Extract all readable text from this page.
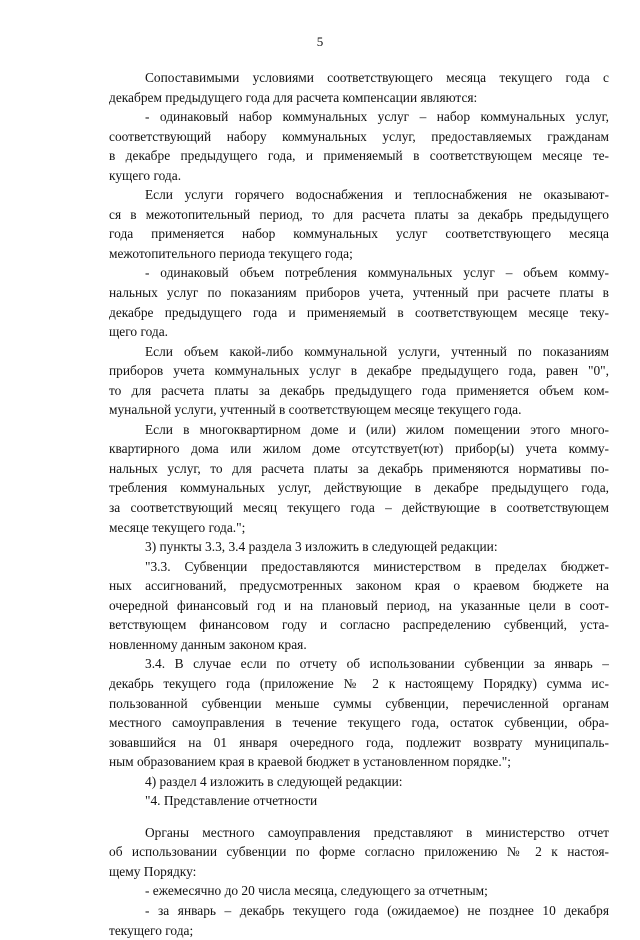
5
Сопоставимыми условиями соответствующего месяца текущего года с
декабрем предыдущего года для расчета компенсации являются:
- одинаковый набор коммунальных услуг – набор коммунальных услуг,
соответствующий набору коммунальных услуг, предоставляемых гражданам
в декабре предыдущего года, и применяемый в соответствующем месяце те-
кущего года.
Если услуги горячего водоснабжения и теплоснабжения не оказывают-
ся в межотопительный период, то для расчета платы за декабрь предыдущего
года применяется набор коммунальных услуг соответствующего месяца
межотопительного периода текущего года;
- одинаковый объем потребления коммунальных услуг – объем комму-
нальных услуг по показаниям приборов учета, учтенный при расчете платы в
декабре предыдущего года и применяемый в соответствующем месяце теку-
щего года.
Если объем какой-либо коммунальной услуги, учтенный по показаниям
приборов учета коммунальных услуг в декабре предыдущего года, равен "0",
то для расчета платы за декабрь предыдущего года применяется объем ком-
мунальной услуги, учтенный в соответствующем месяце текущего года.
Если в многоквартирном доме и (или) жилом помещении этого много-
квартирного дома или жилом доме отсутствует(ют) прибор(ы) учета комму-
нальных услуг, то для расчета платы за декабрь применяются нормативы по-
требления коммунальных услуг, действующие в декабре предыдущего года,
за соответствующий месяц текущего года – действующие в соответствующем
месяце текущего года.";
3) пункты 3.3, 3.4 раздела 3 изложить в следующей редакции:
"3.3. Субвенции предоставляются министерством в пределах бюджет-
ных ассигнований, предусмотренных законом края о краевом бюджете на
очередной финансовый год и на плановый период, на указанные цели в соот-
ветствующем финансовом году и согласно распределению субвенций, уста-
новленному данным законом края.
3.4. В случае если по отчету об использовании субвенции за январь –
декабрь текущего года (приложение № 2 к настоящему Порядку) сумма ис-
пользованной субвенции меньше суммы субвенции, перечисленной органам
местного самоуправления в течение текущего года, остаток субвенции, обра-
зовавшийся на 01 января очередного года, подлежит возврату муниципаль-
ным образованием края в краевой бюджет в установленном порядке.";
4) раздел 4 изложить в следующей редакции:
"4. Представление отчетности
Органы местного самоуправления представляют в министерство отчет
об использовании субвенции по форме согласно приложению № 2 к настоя-
щему Порядку:
- ежемесячно до 20 числа месяца, следующего за отчетным;
- за январь – декабрь текущего года (ожидаемое) не позднее 10 декабря
текущего года;
